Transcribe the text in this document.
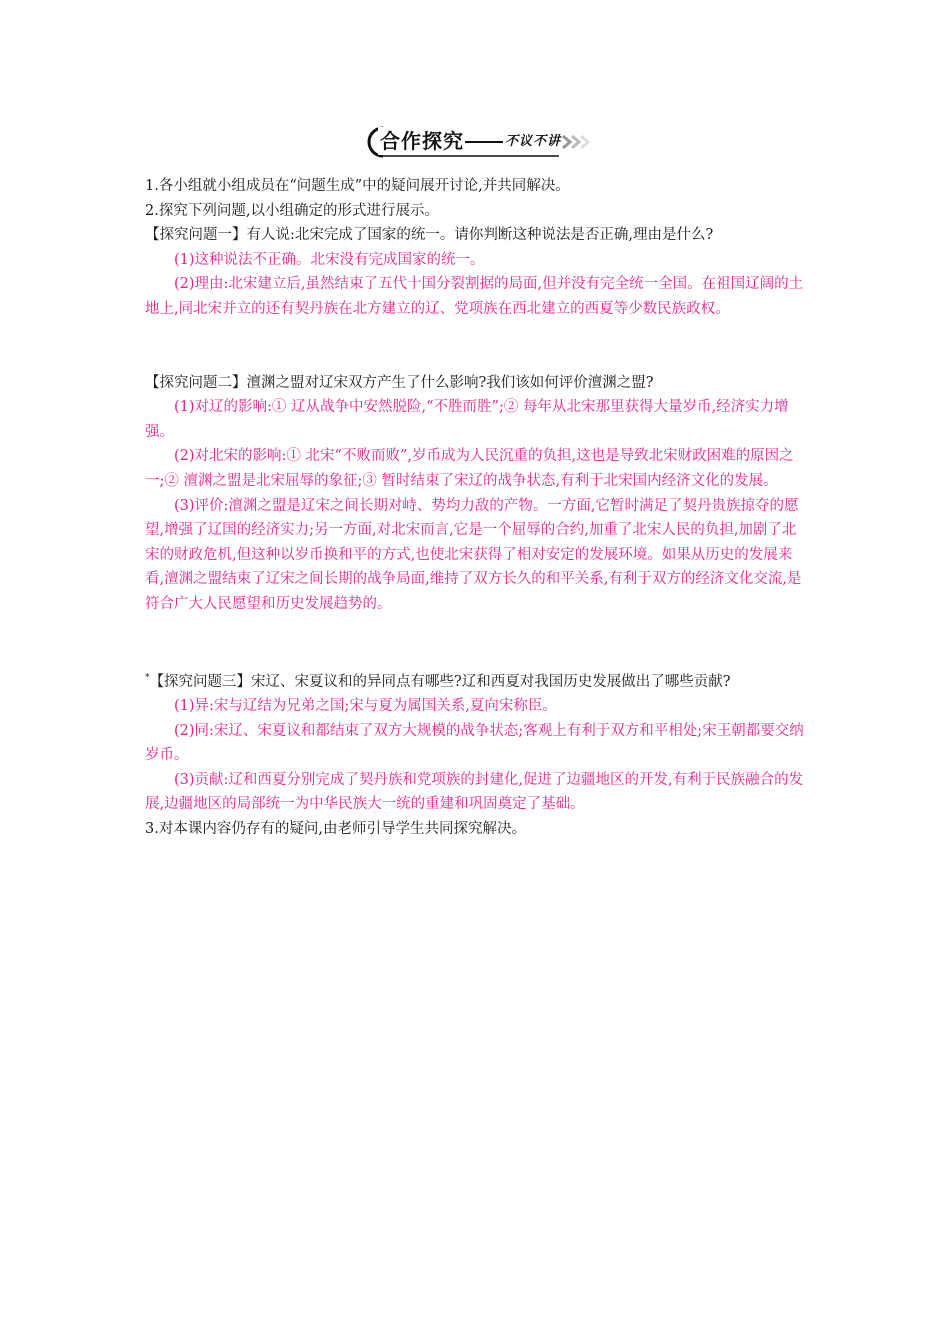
合作探究	不议不讲

1.各小组就小组成员在“问题生成”中的疑问展开讨论,并共同解决。

2.探究下列问题,以小组确定的形式进行展示。

【探究问题一】有人说:北宋完成了国家的统一。请你判断这种说法是否正确,理由是什么?

(1)这种说法不正确。北宋没有完成国家的统一。

(2)理由:北宋建立后,虽然结束了五代十国分裂割据的局面,但并没有完全统一全国。在祖国辽阔的土地上,同北宋并立的还有契丹族在北方建立的辽、党项族在西北建立的西夏等少数民族政权。

【探究问题二】澶渊之盟对辽宋双方产生了什么影响?我们该如何评价澶渊之盟?

(1)对辽的影响:① 辽从战争中安然脱险,“不胜而胜”;② 每年从北宋那里获得大量岁币,经济实力增强。

(2)对北宋的影响:① 北宋“不败而败”,岁币成为人民沉重的负担,这也是导致北宋财政困难的原因之一;② 澶渊之盟是北宋屈辱的象征;③ 暂时结束了宋辽的战争状态,有利于北宋国内经济文化的发展。

(3)评价:澶渊之盟是辽宋之间长期对峙、势均力敌的产物。一方面,它暂时满足了契丹贵族掠夺的愿望,增强了辽国的经济实力;另一方面,对北宋而言,它是一个屈辱的合约,加重了北宋人民的负担,加剧了北宋的财政危机,但这种以岁币换和平的方式,也使北宋获得了相对安定的发展环境。如果从历史的发展来看,澶渊之盟结束了辽宋之间长期的战争局面,维持了双方长久的和平关系,有利于双方的经济文化交流,是符合广大人民愿望和历史发展趋势的。

*【探究问题三】宋辽、宋夏议和的异同点有哪些?辽和西夏对我国历史发展做出了哪些贡献?

(1)异:宋与辽结为兄弟之国;宋与夏为属国关系,夏向宋称臣。

(2)同:宋辽、宋夏议和都结束了双方大规模的战争状态;客观上有利于双方和平相处;宋王朝都要交纳岁币。

(3)贡献:辽和西夏分别完成了契丹族和党项族的封建化,促进了边疆地区的开发,有利于民族融合的发展,边疆地区的局部统一为中华民族大一统的重建和巩固奠定了基础。

3.对本课内容仍存有的疑问,由老师引导学生共同探究解决。
